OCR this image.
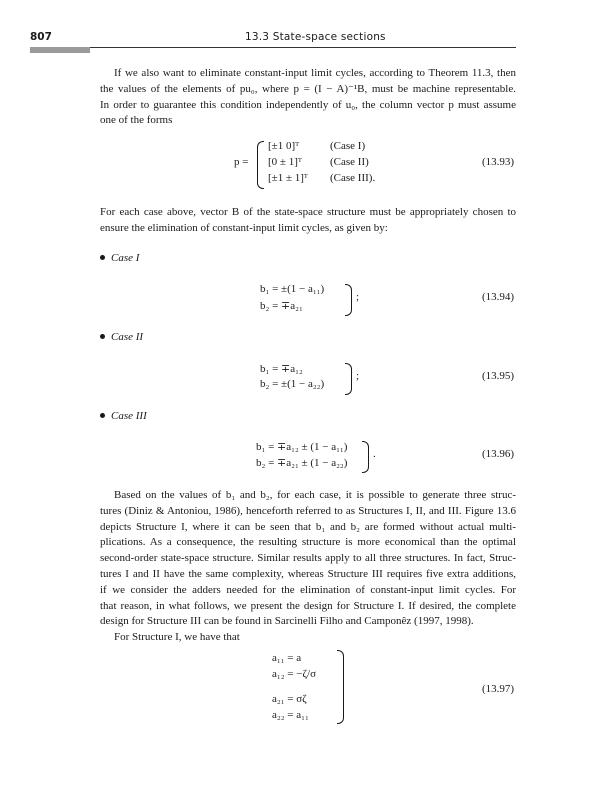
807	13.3 State-space sections
If we also want to eliminate constant-input limit cycles, according to Theorem 11.3, then
the values of the elements of pu₀, where p = (I − A)⁻¹B, must be machine representable.
In order to guarantee this condition independently of u₀, the column vector p must assume
one of the forms
p =
[±1 0]ᵀ	(Case I)
[0 ± 1]ᵀ	(Case II)
[±1 ± 1]ᵀ (Case III).
(13.93)
For each case above, vector B of the state-space structure must be appropriately chosen to
ensure the elimination of constant-input limit cycles, as given by:
Case I
b₁ = ±(1 − a₁₁)
b₂ = ∓a₂₁
;	(13.94)
Case II
b₁ = ∓a₁₂
b₂ = ±(1 − a₂₂)
;	(13.95)
Case III
b₁ = ∓a₁₂ ± (1 − a₁₁)
b₂ = ∓a₂₁ ± (1 − a₂₂)
.	(13.96)
Based on the values of b₁ and b₂, for each case, it is possible to generate three struc-
tures (Diniz & Antoniou, 1986), henceforth referred to as Structures I, II, and III. Figure 13.6
depicts Structure I, where it can be seen that b₁ and b₂ are formed without actual multi-
plications. As a consequence, the resulting structure is more economical than the optimal
second-order state-space structure. Similar results apply to all three structures. In fact, Struc-
tures I and II have the same complexity, whereas Structure III requires five extra additions,
if we consider the adders needed for the elimination of constant-input limit cycles. For
that reason, in what follows, we present the design for Structure I. If desired, the complete
design for Structure III can be found in Sarcinelli Filho and Camponêz (1997, 1998).
For Structure I, we have that
a₁₁ = a
a₁₂ = −ζ/σ
a₂₁ = σζ
a₂₂ = a₁₁
(13.97)
